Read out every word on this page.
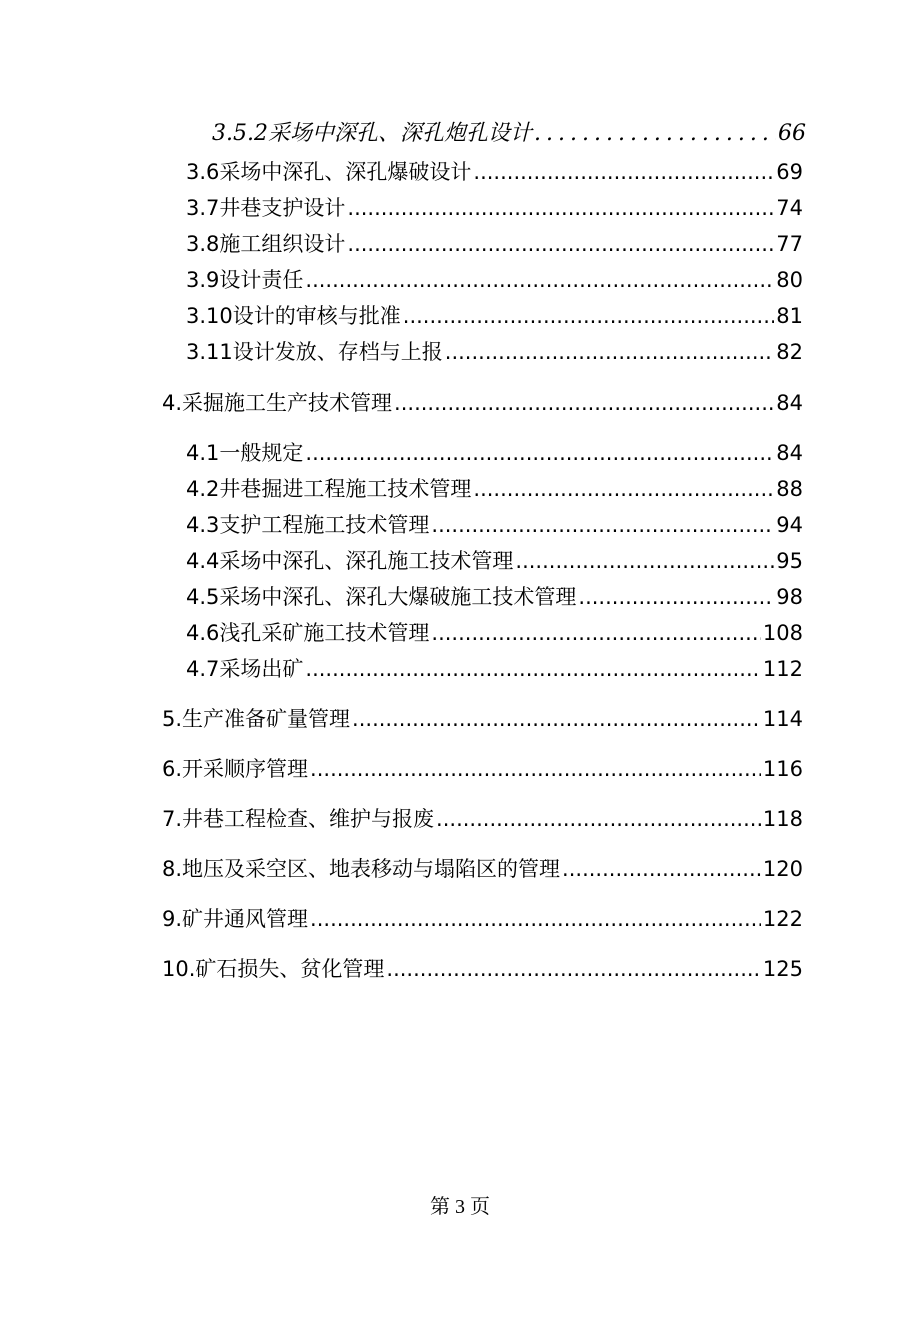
3.5.2 采场中深孔、深孔炮孔设计 .....	66
3.6 采场中深孔、深孔爆破设计 .....	69
3.7 井巷支护设计 .....	74
3.8 施工组织设计 .....	77
3.9 设计责任 .....	80
3.10 设计的审核与批准 .....	81
3.11 设计发放、存档与上报 .....	82
4. 采掘施工生产技术管理 .....	84
4.1 一般规定 .....	84
4.2 井巷掘进工程施工技术管理 .....	88
4.3 支护工程施工技术管理 .....	94
4.4 采场中深孔、深孔施工技术管理 .....	95
4.5 采场中深孔、深孔大爆破施工技术管理 .....	98
4.6 浅孔采矿施工技术管理 .....	108
4.7 采场出矿 .....	112
5. 生产准备矿量管理 .....	114
6. 开采顺序管理 .....	116
7. 井巷工程检查、维护与报废 .....	118
8. 地压及采空区、地表移动与塌陷区的管理 .....	120
9. 矿井通风管理 .....	122
10. 矿石损失、贫化管理 .....	125
第 3 页
